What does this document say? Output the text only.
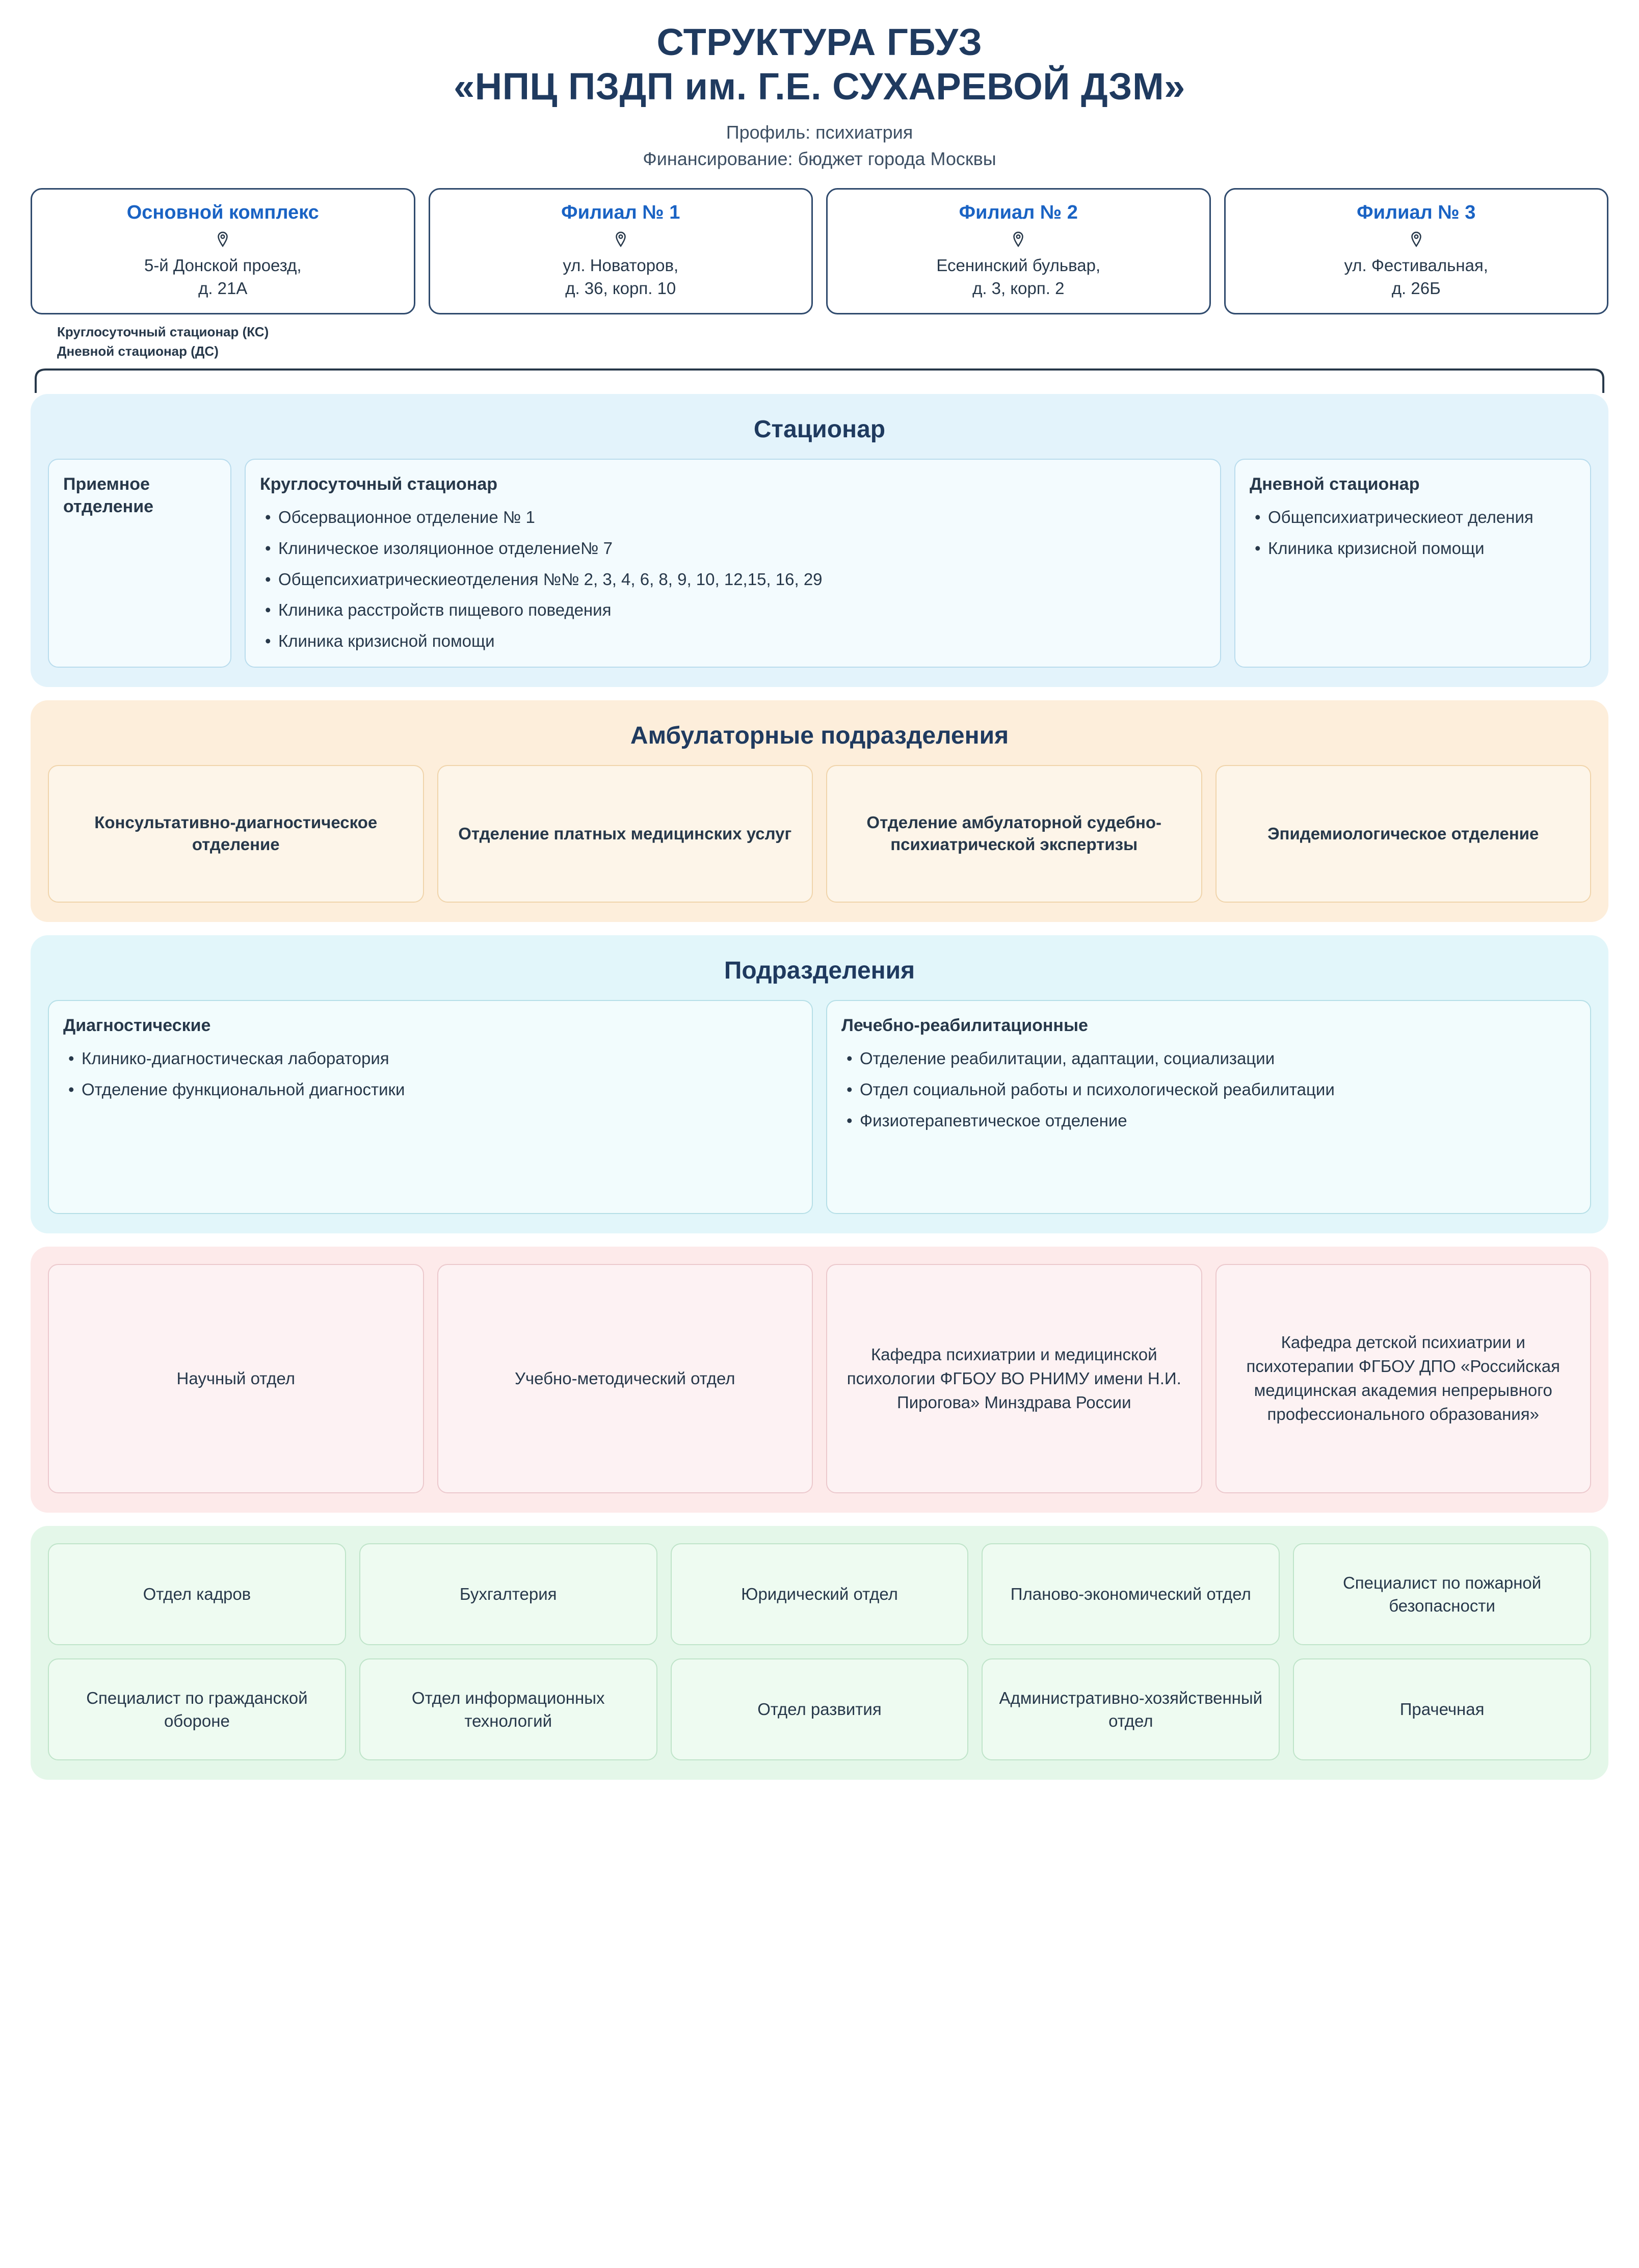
СТРУКТУРА ГБУЗ
«НПЦ ПЗДП им. Г.Е. СУХАРЕВОЙ ДЗМ»
Профиль: психиатрия
Финансирование: бюджет города Москвы
Основной комплекс
5-й Донской проезд,
д. 21А
Филиал № 1
ул. Новаторов,
д. 36, корп. 10
Филиал № 2
Есенинский бульвар,
д. 3, корп. 2
Филиал № 3
ул. Фестивальная,
д. 26Б
Круглосуточный стационар (КС)
Дневной стационар (ДС)
Стационар
Приемное
отделение
Круглосуточный стационар
• Обсервационное отделение № 1
• Клиническое изоляционное отделение№ 7
• Общепсихиатрическиеотделения №№ 2, 3, 4, 6, 8, 9, 10, 12,15, 16, 29
• Клиника расстройств пищевого поведения
• Клиника кризисной помощи
Дневной стационар
• Общепсихиатрическиеот деления
• Клиника кризисной помощи
Амбулаторные подразделения
Консультативно-диагностическое отделение
Отделение платных медицинских услуг
Отделение амбулаторной судебно-психиатрической экспертизы
Эпидемиологическое отделение
Подразделения
Диагностические
• Клинико-диагностическая лаборатория
• Отделение функциональной диагностики
Лечебно-реабилитационные
• Отделение реабилитации, адаптации, социализации
• Отдел социальной работы и психологической реабилитации
• Физиотерапевтическое отделение
Научный отдел	Учебно-методический отдел
Кафедра психиатрии и медицинской психологии ФГБОУ ВО РНИМУ имени Н.И. Пирогова» Минздрава России
Кафедра детской психиатрии и психотерапии ФГБОУ ДПО «Российская медицинская академия непрерывного профессионального образования»
Отдел кадров	Бухгалтерия	Юридический отдел	Планово-экономический отдел
Специалист по пожарной безопасности
Специалист по гражданской обороне
Отдел информационных технологий
Отдел развития
Административно-хозяйственный отдел
Прачечная
